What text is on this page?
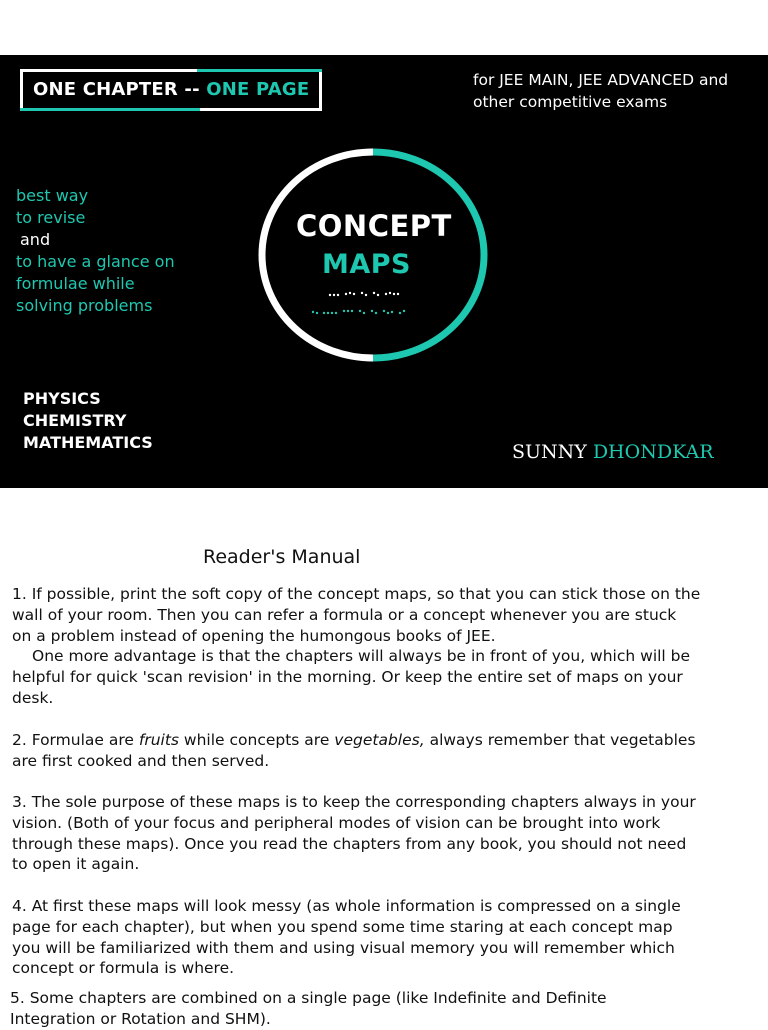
ONE CHAPTER -- ONE PAGE	for JEE MAIN, JEE ADVANCED and
other competitive exams
best way
to revise
and
to have a glance on
formulae while
solving problems
CONCEPT
MAPS
PHYSICS
CHEMISTRY
MATHEMATICS	SUNNY DHONDKAR
Reader's Manual
1. If possible, print the soft copy of the concept maps, so that you can stick those on the
wall of your room. Then you can refer a formula or a concept whenever you are stuck
on a problem instead of opening the humongous books of JEE.
One more advantage is that the chapters will always be in front of you, which will be
helpful for quick 'scan revision' in the morning. Or keep the entire set of maps on your
desk.
2. Formulae are fruits while concepts are vegetables, always remember that vegetables
are first cooked and then served.
3. The sole purpose of these maps is to keep the corresponding chapters always in your
vision. (Both of your focus and peripheral modes of vision can be brought into work
through these maps). Once you read the chapters from any book, you should not need
to open it again.
4. At first these maps will look messy (as whole information is compressed on a single
page for each chapter), but when you spend some time staring at each concept map
you will be familiarized with them and using visual memory you will remember which
concept or formula is where.
5. Some chapters are combined on a single page (like Indefinite and Definite
Integration or Rotation and SHM).
